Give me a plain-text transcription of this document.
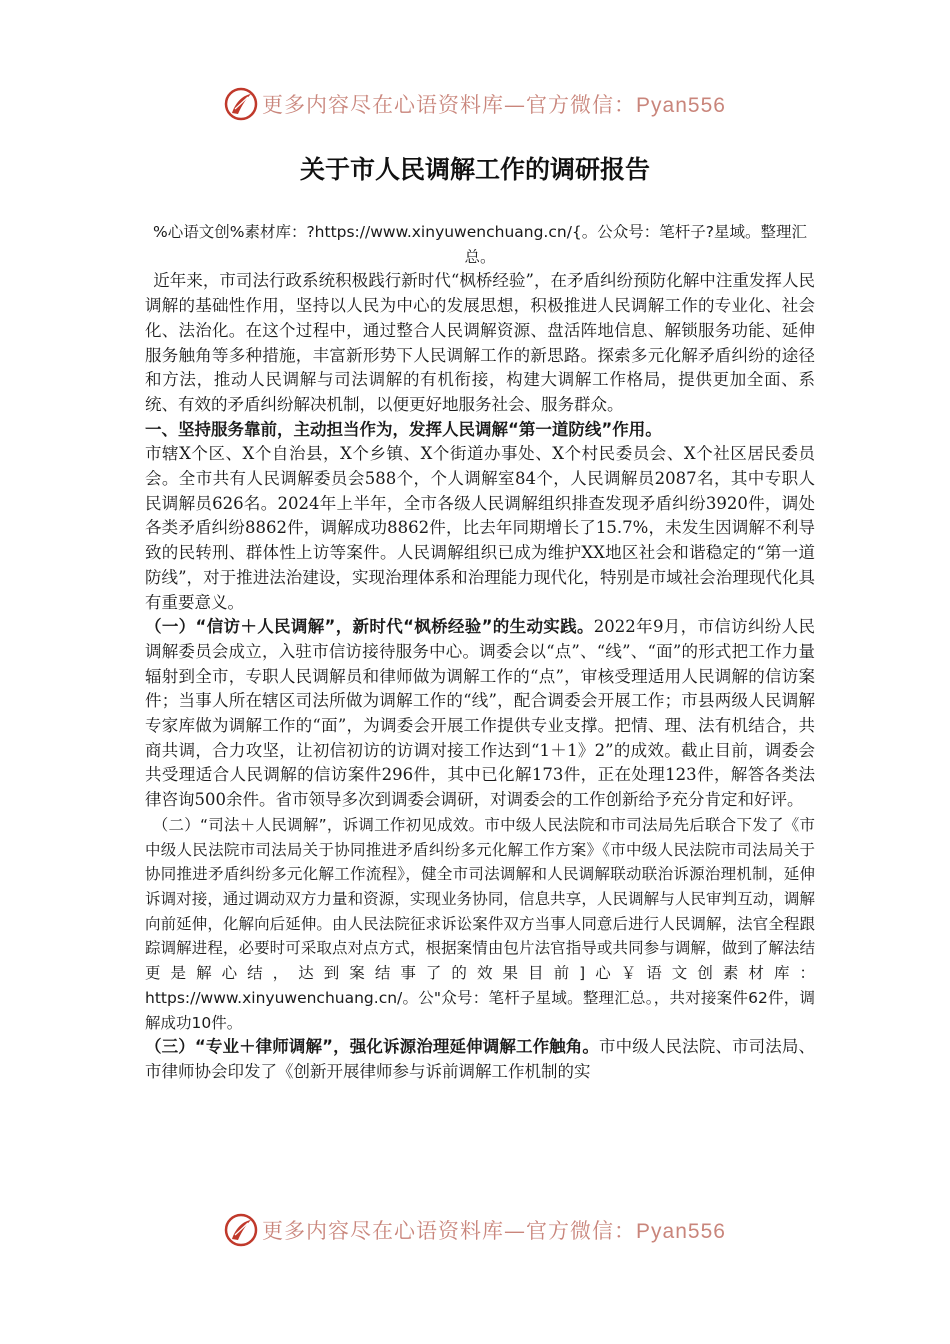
更多内容尽在心语资料库—官方微信：Pyan556
关于市人民调解工作的调研报告

%心语文创%素材库：?https://www.xinyuwenchuang.cn/{。公众号：笔杆子?星域。整理汇总。

近年来，市司法行政系统积极践行新时代“枫桥经验”，在矛盾纠纷预防化解中注重发挥人民调解的基础性作用，坚持以人民为中心的发展思想，积极推进人民调解工作的专业化、社会化、法治化。在这个过程中，通过整合人民调解资源、盘活阵地信息、解锁服务功能、延伸服务触角等多种措施，丰富新形势下人民调解工作的新思路。探索多元化解矛盾纠纷的途径和方法，推动人民调解与司法调解的有机衔接，构建大调解工作格局，提供更加全面、系统、有效的矛盾纠纷解决机制，以便更好地服务社会、服务群众。

一、坚持服务靠前，主动担当作为，发挥人民调解“第一道防线”作用。

市辖X个区、X个自治县，X个乡镇、X个街道办事处、X个村民委员会、X个社区居民委员会。全市共有人民调解委员会588个，个人调解室84个，人民调解员2087名，其中专职人民调解员626名。2024年上半年，全市各级人民调解组织排查发现矛盾纠纷3920件，调处各类矛盾纠纷8862件，调解成功8862件，比去年同期增长了15.7%，未发生因调解不利导致的民转刑、群体性上访等案件。人民调解组织已成为维护XX地区社会和谐稳定的“第一道防线”，对于推进法治建设，实现治理体系和治理能力现代化，特别是市域社会治理现代化具有重要意义。

（一）“信访＋人民调解”，新时代“枫桥经验”的生动实践。2022年9月，市信访纠纷人民调解委员会成立，入驻市信访接待服务中心。调委会以“点”、“线”、“面”的形式把工作力量辐射到全市，专职人民调解员和律师做为调解工作的“点”，审核受理适用人民调解的信访案件；当事人所在辖区司法所做为调解工作的“线”，配合调委会开展工作；市县两级人民调解专家库做为调解工作的“面”，为调委会开展工作提供专业支撑。把情、理、法有机结合，共商共调，合力攻坚，让初信初访的访调对接工作达到“1＋1》2”的成效。截止目前，调委会共受理适合人民调解的信访案件296件，其中已化解173件，正在处理123件，解答各类法律咨询500余件。省市领导多次到调委会调研，对调委会的工作创新给予充分肯定和好评。

（二）“司法＋人民调解”，诉调工作初见成效。市中级人民法院和市司法局先后联合下发了《市中级人民法院市司法局关于协同推进矛盾纠纷多元化解工作方案》《市中级人民法院市司法局关于协同推进矛盾纠纷多元化解工作流程》，健全市司法调解和人民调解联动联治诉源治理机制，延伸诉调对接，通过调动双方力量和资源，实现业务协同，信息共享，人民调解与人民审判互动，调解向前延伸，化解向后延伸。由人民法院征求诉讼案件双方当事人同意后进行人民调解，法官全程跟踪调解进程，必要时可采取点对点方式，根据案情由包片法官指导或共同参与调解，做到了解法结更是解心结，达到案结事了的效果目前]心￥语文创素材库：https://www.xinyuwenchuang.cn/。公"众号：笔杆子星域。整理汇总。，共对接案件62件，调解成功10件。

（三）“专业＋律师调解”，强化诉源治理延伸调解工作触角。市中级人民法院、市司法局、市律师协会印发了《创新开展律师参与诉前调解工作机制的实

更多内容尽在心语资料库—官方微信：Pyan556
